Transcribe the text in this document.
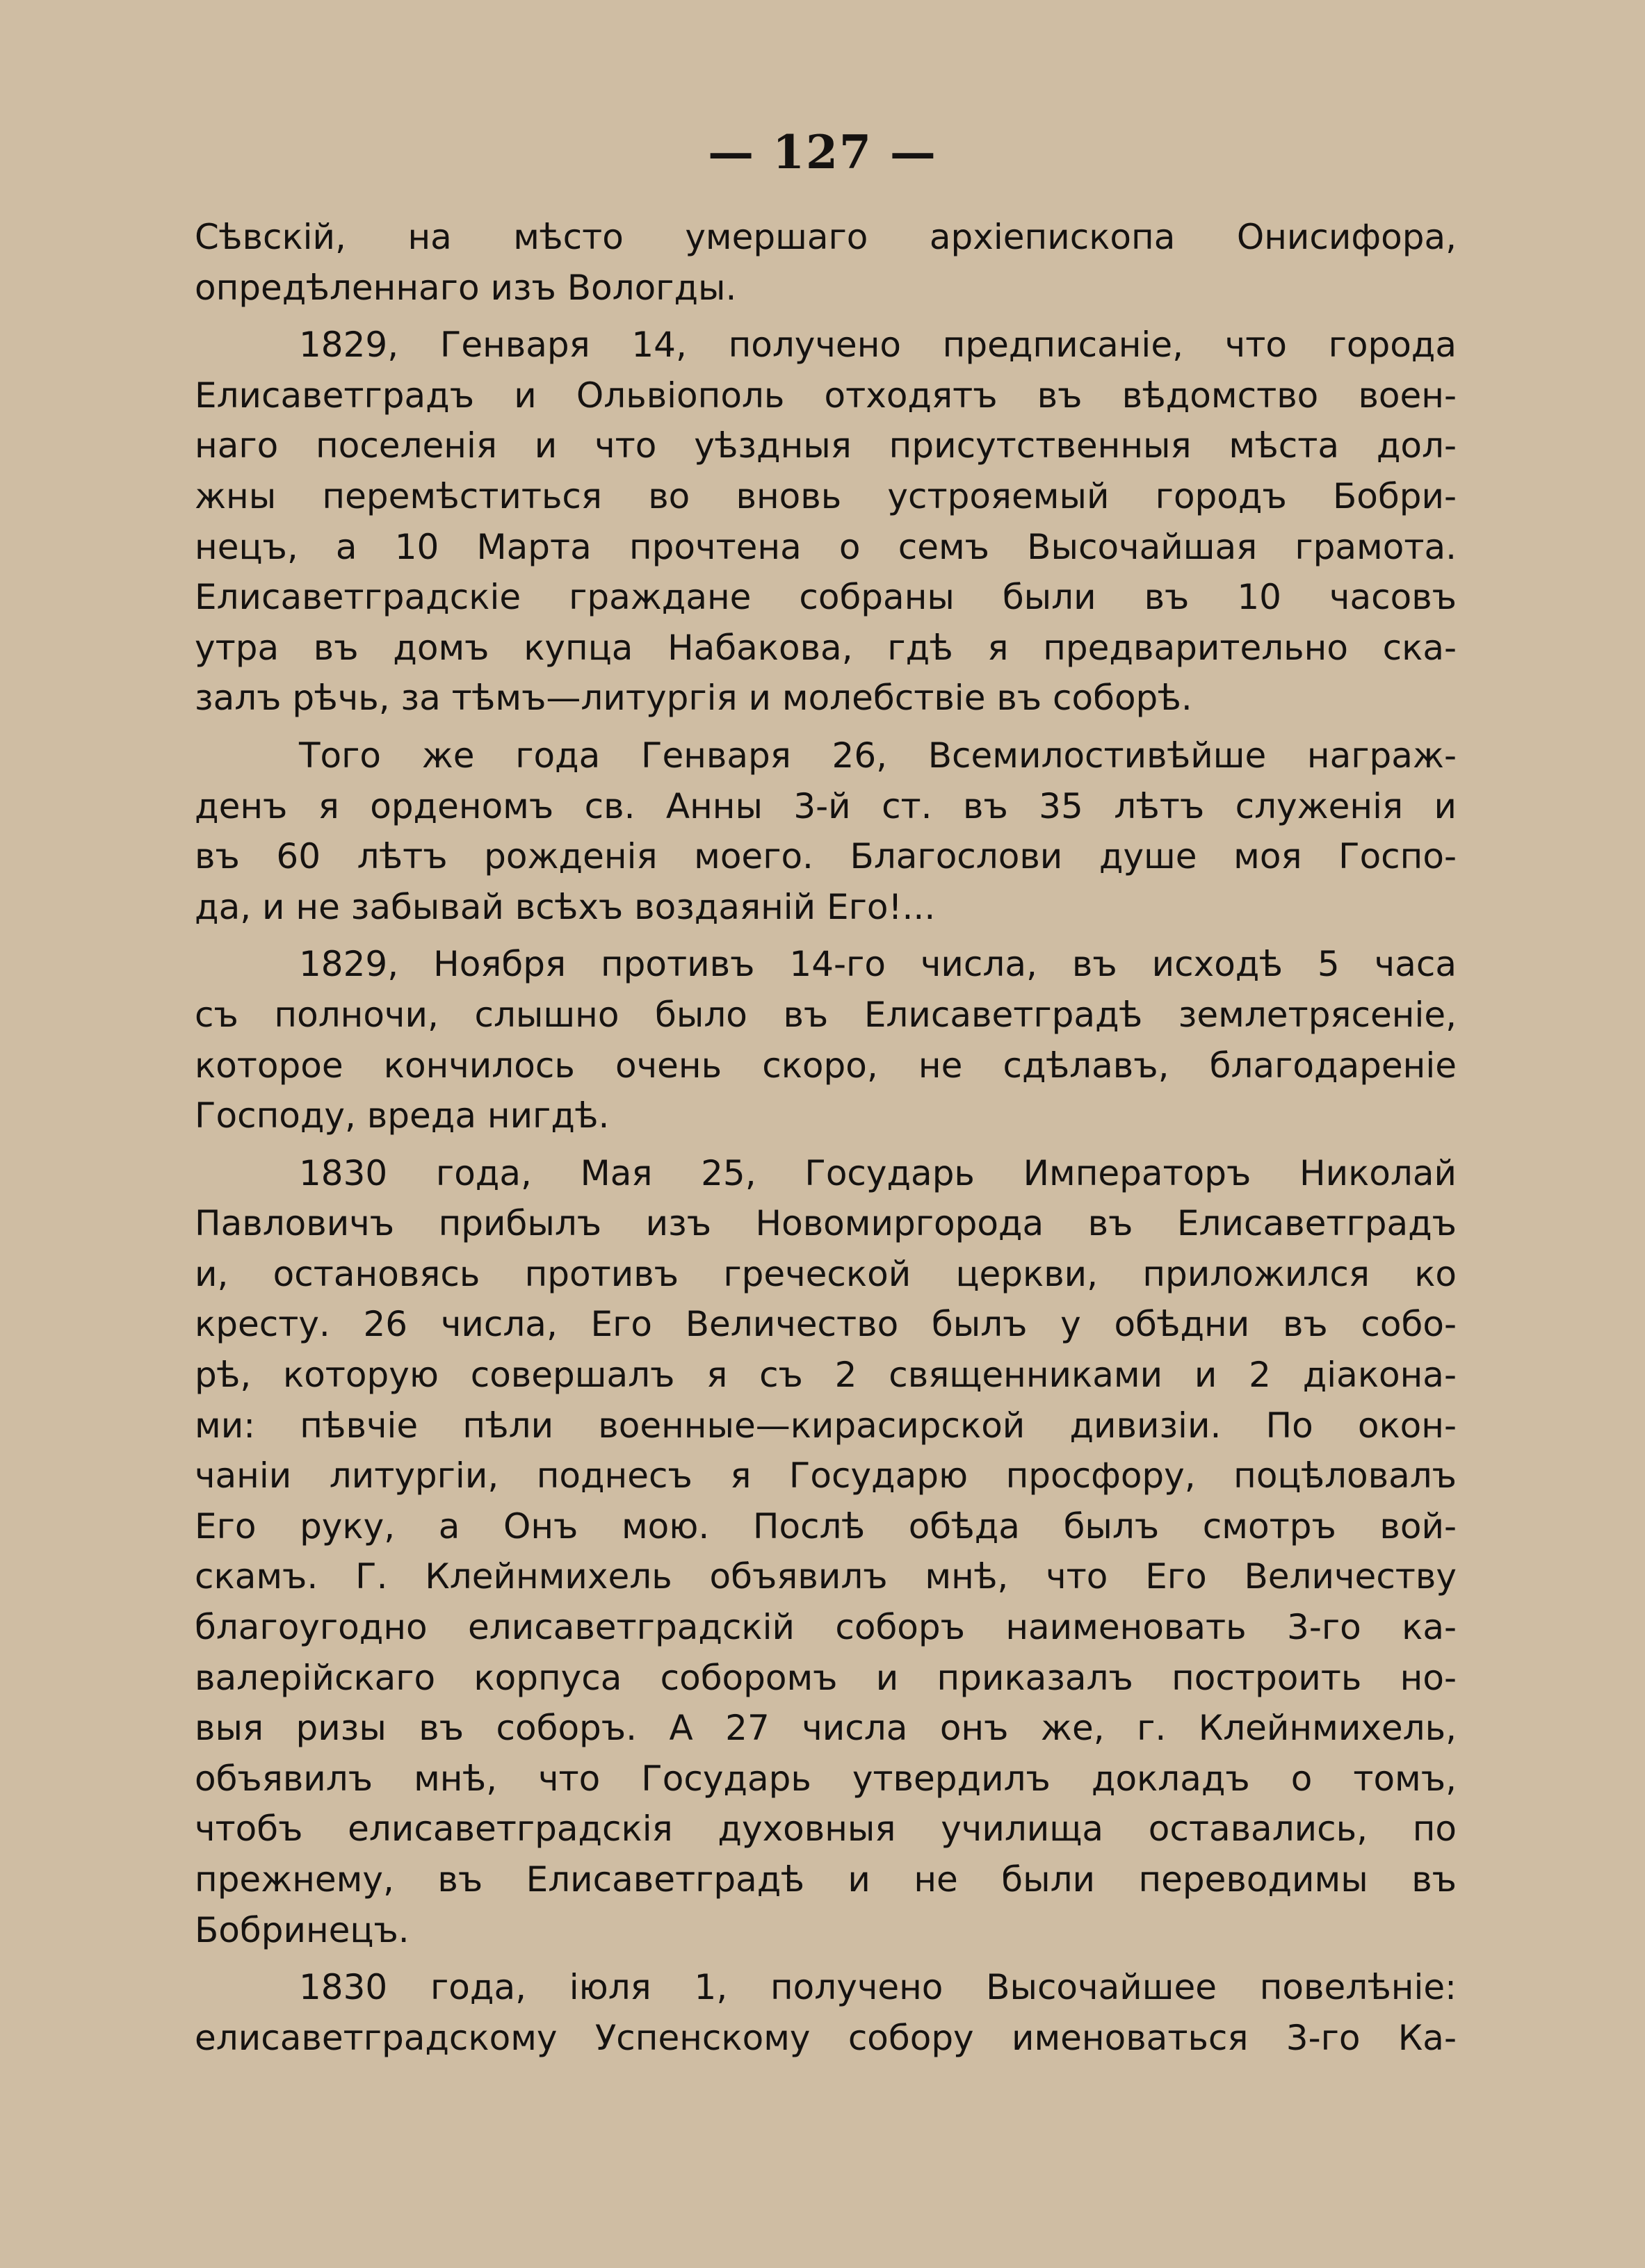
— 127 —
Сѣвскій, на мѣсто умершаго архіепископа Онисифора,
опредѣленнаго изъ Вологды.
1829, Генваря 14, получено предписаніе, что города
Елисаветградъ и Ольвіополь отходятъ въ вѣдомство воен-
наго поселенія и что уѣздныя присутственныя мѣста дол-
жны перемѣститься во вновь устрояемый городъ Бобри-
нецъ, а 10 Марта прочтена о семъ Высочайшая грамота.
Елисаветградскіе граждане собраны были въ 10 часовъ
утра въ домъ купца Набакова, гдѣ я предварительно ска-
залъ рѣчь, за тѣмъ—литургія и молебствіе въ соборѣ.
Того же года Генваря 26, Всемилостивѣйше награж-
денъ я орденомъ св. Анны 3-й ст. въ 35 лѣтъ служенія и
въ 60 лѣтъ рожденія моего. Благослови душе моя Госпо-
да, и не забывай всѣхъ воздаяній Его!...
1829, Ноября противъ 14-го числа, въ исходѣ 5 часа
съ полночи, слышно было въ Елисаветградѣ землетрясеніе,
которое кончилось очень скоро, не сдѣлавъ, благодареніе
Господу, вреда нигдѣ.
1830 года, Мая 25, Государь Императоръ Николай
Павловичъ прибылъ изъ Новомиргорода въ Елисаветградъ
и, остановясь противъ греческой церкви, приложился ко
кресту. 26 числа, Его Величество былъ у обѣдни въ собо-
рѣ, которую совершалъ я съ 2 священниками и 2 діакона-
ми: пѣвчіе пѣли военные—кирасирской дивизіи. По окон-
чаніи литургіи, поднесъ я Государю просфору, поцѣловалъ
Его руку, а Онъ мою. Послѣ обѣда былъ смотръ вой-
скамъ. Г. Клейнмихель объявилъ мнѣ, что Его Величеству
благоугодно елисаветградскій соборъ наименовать 3-го ка-
валерійскаго корпуса соборомъ и приказалъ построить но-
выя ризы въ соборъ. А 27 числа онъ же, г. Клейнмихель,
объявилъ мнѣ, что Государь утвердилъ докладъ о томъ,
чтобъ елисаветградскія духовныя училища оставались, по
прежнему, въ Елисаветградѣ и не были переводимы въ
Бобринецъ.
1830 года, іюля 1, получено Высочайшее повелѣніе:
елисаветградскому Успенскому собору именоваться 3-го Ка-
